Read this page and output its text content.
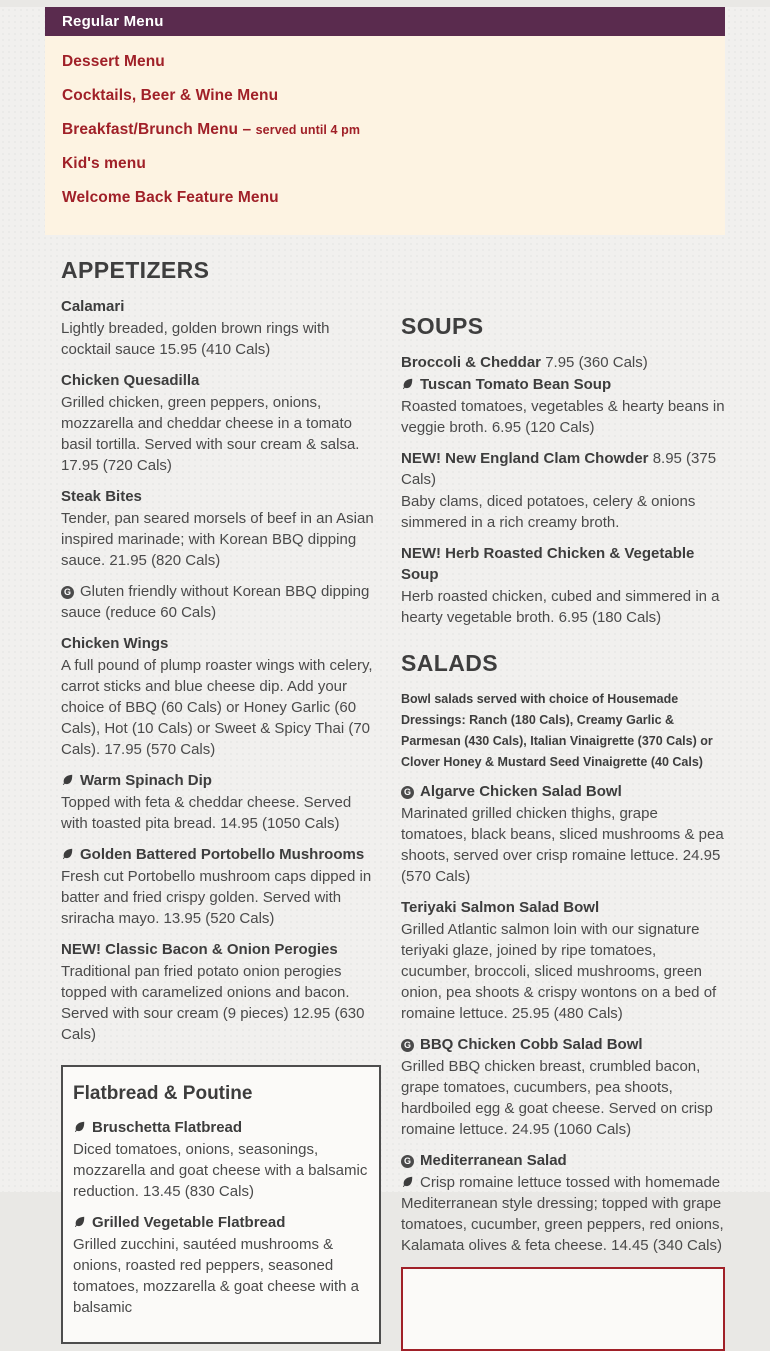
Regular Menu
Dessert Menu
Cocktails, Beer & Wine Menu
Breakfast/Brunch Menu – served until 4 pm
Kid's menu
Welcome Back Feature Menu
APPETIZERS
Calamari

Lightly breaded, golden brown rings with cocktail sauce 15.95 (410 Cals)

Chicken Quesadilla

Grilled chicken, green peppers, onions, mozzarella and cheddar cheese in a tomato basil tortilla. Served with sour cream & salsa. 17.95 (720 Cals)

Steak Bites

Tender, pan seared morsels of beef in an Asian inspired marinade; with Korean BBQ dipping sauce. 21.95 (820 Cals)

G Gluten friendly without Korean BBQ dipping sauce (reduce 60 Cals)

Chicken Wings

A full pound of plump roaster wings with celery, carrot sticks and blue cheese dip. Add your choice of BBQ (60 Cals) or Honey Garlic (60 Cals), Hot (10 Cals) or Sweet & Spicy Thai (70 Cals). 17.95 (570 Cals)

Warm Spinach Dip

Topped with feta & cheddar cheese. Served with toasted pita bread. 14.95 (1050 Cals)

Golden Battered Portobello Mushrooms

Fresh cut Portobello mushroom caps dipped in batter and fried crispy golden. Served with sriracha mayo. 13.95 (520 Cals)

NEW! Classic Bacon & Onion Perogies

Traditional pan fried potato onion perogies topped with caramelized onions and bacon. Served with sour cream (9 pieces) 12.95 (630 Cals)

Flatbread & Poutine
Bruschetta Flatbread

Diced tomatoes, onions, seasonings, mozzarella and goat cheese with a balsamic reduction. 13.45 (830 Cals)

Grilled Vegetable Flatbread

Grilled zucchini, sautéed mushrooms & onions, roasted red peppers, seasoned tomatoes, mozzarella & goat cheese with a balsamic

SOUPS
Broccoli & Cheddar 7.95 (360 Cals)
Tuscan Tomato Bean Soup

Roasted tomatoes, vegetables & hearty beans in veggie broth. 6.95 (120 Cals)

NEW! New England Clam Chowder 8.95 (375 Cals)

Baby clams, diced potatoes, celery & onions simmered in a rich creamy broth.

NEW! Herb Roasted Chicken & Vegetable Soup

Herb roasted chicken, cubed and simmered in a hearty vegetable broth. 6.95 (180 Cals)

SALADS

Bowl salads served with choice of Housemade Dressings: Ranch (180 Cals), Creamy Garlic & Parmesan (430 Cals), Italian Vinaigrette (370 Cals) or Clover Honey & Mustard Seed Vinaigrette (40 Cals)

G Algarve Chicken Salad Bowl

Marinated grilled chicken thighs, grape tomatoes, black beans, sliced mushrooms & pea shoots, served over crisp romaine lettuce. 24.95 (570 Cals)

Teriyaki Salmon Salad Bowl

Grilled Atlantic salmon loin with our signature teriyaki glaze, joined by ripe tomatoes, cucumber, broccoli, sliced mushrooms, green onion, pea shoots & crispy wontons on a bed of romaine lettuce. 25.95 (480 Cals)

G BBQ Chicken Cobb Salad Bowl

Grilled BBQ chicken breast, crumbled bacon, grape tomatoes, cucumbers, pea shoots, hardboiled egg & goat cheese. Served on crisp romaine lettuce. 24.95 (1060 Cals)

G Mediterranean Salad

Crisp romaine lettuce tossed with homemade Mediterranean style dressing; topped with grape tomatoes, cucumber, green peppers, red onions, Kalamata olives & feta cheese. 14.45 (340 Cals)
